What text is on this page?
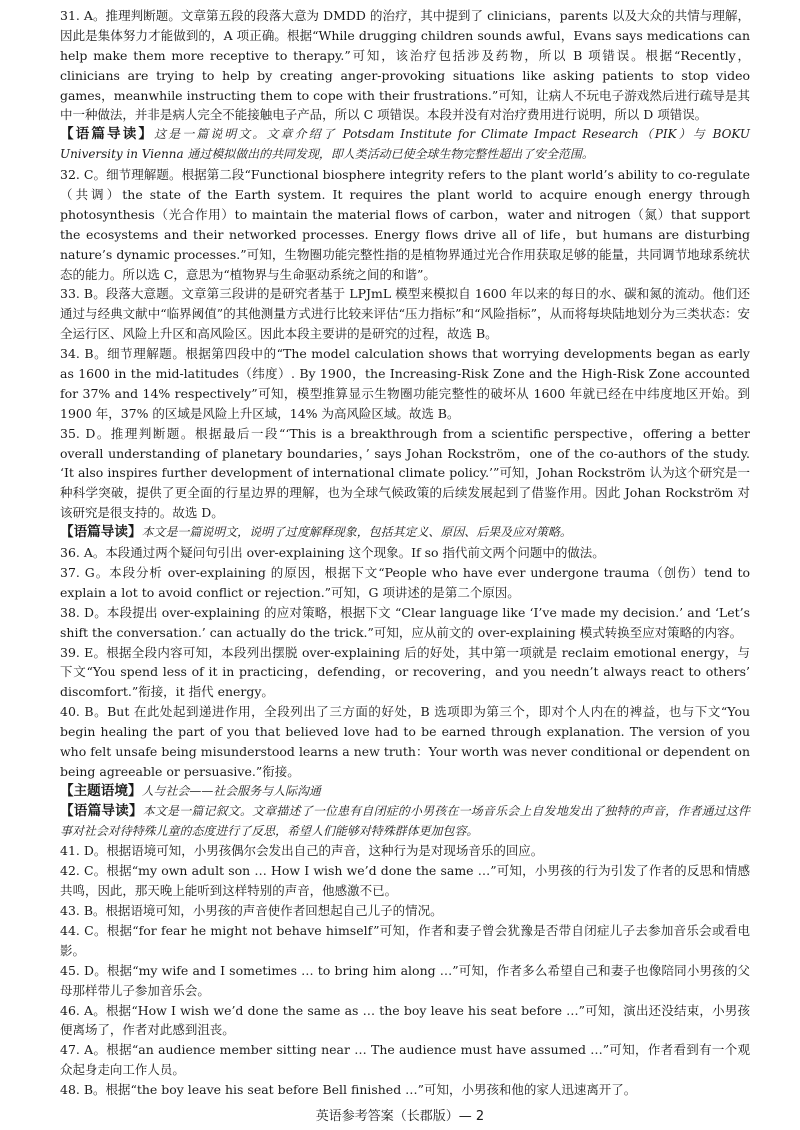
31. A。推理判断题。文章第五段的段落大意为 DMDD 的治疗，其中提到了 clinicians，parents 以及大众的共情与理解，因此是集体努力才能做到的，A 项正确。根据“While drugging children sounds awful，Evans says medications can help make them more receptive to therapy.”可知，该治疗包括涉及药物，所以 B 项错误。根据“Recently，clinicians are trying to help by creating anger-provoking situations like asking patients to stop video games，meanwhile instructing them to cope with their frustrations.”可知，让病人不玩电子游戏然后进行疏导是其中一种做法，并非是病人完全不能接触电子产品，所以 C 项错误。本段并没有对治疗费用进行说明，所以 D 项错误。

【语篇导读】这是一篇说明文。文章介绍了 Potsdam Institute for Climate Impact Research（PIK）与 BOKU University in Vienna 通过模拟做出的共同发现，即人类活动已使全球生物完整性超出了安全范围。

32. C。细节理解题。根据第二段“Functional biosphere integrity refers to the plant world’s ability to co-regulate（共调）the state of the Earth system. It requires the plant world to acquire enough energy through photosynthesis（光合作用）to maintain the material flows of carbon，water and nitrogen（氮）that support the ecosystems and their networked processes. Energy flows drive all of life，but humans are disturbing nature’s dynamic processes.”可知，生物圈功能完整性指的是植物界通过光合作用获取足够的能量，共同调节地球系统状态的能力。所以选 C，意思为“植物界与生命驱动系统之间的和谐”。

33. B。段落大意题。文章第三段讲的是研究者基于 LPJmL 模型来模拟自 1600 年以来的每日的水、碳和氮的流动。他们还通过与经典文献中“临界阈值”的其他测量方式进行比较来评估“压力指标”和“风险指标”，从而将每块陆地划分为三类状态：安全运行区、风险上升区和高风险区。因此本段主要讲的是研究的过程，故选 B。

34. B。细节理解题。根据第四段中的“The model calculation shows that worrying developments began as early as 1600 in the mid-latitudes（纬度）. By 1900，the Increasing-Risk Zone and the High-Risk Zone accounted for 37% and 14% respectively”可知，模型推算显示生物圈功能完整性的破坏从 1600 年就已经在中纬度地区开始。到 1900 年，37% 的区域是风险上升区域，14% 为高风险区域。故选 B。

35. D。推理判断题。根据最后一段“‘This is a breakthrough from a scientific perspective，offering a better overall understanding of planetary boundaries，’ says Johan Rockström，one of the co-authors of the study. ‘It also inspires further development of international climate policy.’”可知，Johan Rockström 认为这个研究是一种科学突破，提供了更全面的行星边界的理解，也为全球气候政策的后续发展起到了借鉴作用。因此 Johan Rockström 对该研究是很支持的。故选 D。

【语篇导读】本文是一篇说明文，说明了过度解释现象，包括其定义、原因、后果及应对策略。

36. A。本段通过两个疑问句引出 over-explaining 这个现象。If so 指代前文两个问题中的做法。

37. G。本段分析 over-explaining 的原因，根据下文“People who have ever undergone trauma（创伤）tend to explain a lot to avoid conflict or rejection.”可知，G 项讲述的是第二个原因。

38. D。本段提出 over-explaining 的应对策略，根据下文 “Clear language like ‘I’ve made my decision.’ and ‘Let’s shift the conversation.’ can actually do the trick.”可知，应从前文的 over-explaining 模式转换至应对策略的内容。

39. E。根据全段内容可知，本段列出摆脱 over-explaining 后的好处，其中第一项就是 reclaim emotional energy，与下文“You spend less of it in practicing，defending，or recovering，and you needn’t always react to others’ discomfort.”衔接，it 指代 energy。

40. B。But 在此处起到递进作用，全段列出了三方面的好处，B 选项即为第三个，即对个人内在的裨益，也与下文“You begin healing the part of you that believed love had to be earned through explanation. The version of you who felt unsafe being misunderstood learns a new truth：Your worth was never conditional or dependent on being agreeable or persuasive.”衔接。

【主题语境】人与社会——社会服务与人际沟通

【语篇导读】本文是一篇记叙文。文章描述了一位患有自闭症的小男孩在一场音乐会上自发地发出了独特的声音，作者通过这件事对社会对待特殊儿童的态度进行了反思，希望人们能够对特殊群体更加包容。

41. D。根据语境可知，小男孩偶尔会发出自己的声音，这种行为是对现场音乐的回应。

42. C。根据“my own adult son … How I wish we’d done the same …”可知，小男孩的行为引发了作者的反思和情感共鸣，因此，那天晚上能听到这样特别的声音，他感激不已。

43. B。根据语境可知，小男孩的声音使作者回想起自己儿子的情况。

44. C。根据“for fear he might not behave himself”可知，作者和妻子曾会犹豫是否带自闭症儿子去参加音乐会或看电影。

45. D。根据“my wife and I sometimes … to bring him along …”可知，作者多么希望自己和妻子也像陪同小男孩的父母那样带儿子参加音乐会。

46. A。根据“How I wish we’d done the same as … the boy leave his seat before …”可知，演出还没结束，小男孩便离场了，作者对此感到沮丧。

47. A。根据“an audience member sitting near … The audience must have assumed …”可知，作者看到有一个观众起身走向工作人员。

48. B。根据“the boy leave his seat before Bell finished …”可知，小男孩和他的家人迅速离开了。

英语参考答案（长郡版）— 2
